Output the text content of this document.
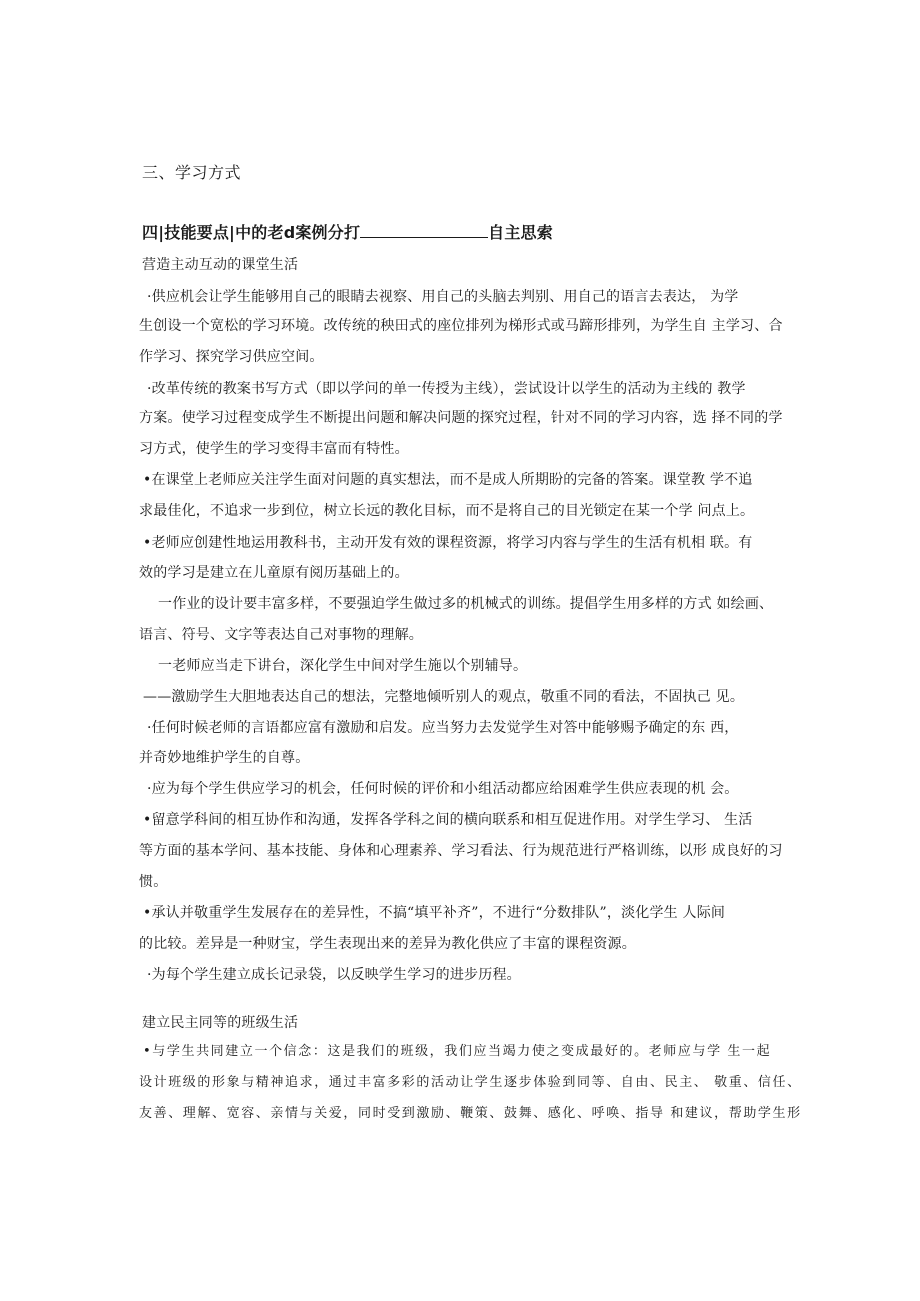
三、学习方式
四|技能要点|中的老d案例分打	自主思索
营造主动互动的课堂生活
·供应机会让学生能够用自己的眼睛去视察、用自己的头脑去判别、用自己的语言去表达， 为学
生创设一个宽松的学习环境。改传统的秧田式的座位排列为梯形式或马蹄形排列，为学生自 主学习、合
作学习、探究学习供应空间。
·改革传统的教案书写方式（即以学问的单一传授为主线），尝试设计以学生的活动为主线的 教学
方案。使学习过程变成学生不断提出问题和解决问题的探究过程，针对不同的学习内容，选 择不同的学
习方式，使学生的学习变得丰富而有特性。
•在课堂上老师应关注学生面对问题的真实想法，而不是成人所期盼的完备的答案。课堂教 学不追
求最佳化，不追求一步到位，树立长远的教化目标，而不是将自己的目光锁定在某一个学 问点上。
•老师应创建性地运用教科书，主动开发有效的课程资源，将学习内容与学生的生活有机相 联。有
效的学习是建立在儿童原有阅历基础上的。
一作业的设计要丰富多样，不要强迫学生做过多的机械式的训练。提倡学生用多样的方式 如绘画、
语言、符号、文字等表达自己对事物的理解。
一老师应当走下讲台，深化学生中间对学生施以个别辅导。
——激励学生大胆地表达自己的想法，完整地倾听别人的观点，敬重不同的看法，不固执己 见。
·任何时候老师的言语都应富有激励和启发。应当努力去发觉学生对答中能够赐予确定的东 西，
并奇妙地维护学生的自尊。
·应为每个学生供应学习的机会，任何时候的评价和小组活动都应给困难学生供应表现的机 会。
•留意学科间的相互协作和沟通，发挥各学科之间的横向联系和相互促进作用。对学生学习、 生活
等方面的基本学问、基本技能、身体和心理素养、学习看法、行为规范进行严格训练，以形 成良好的习
惯。
•承认并敬重学生发展存在的差异性，不搞“填平补齐”，不进行“分数排队”，淡化学生 人际间
的比较。差异是一种财宝，学生表现出来的差异为教化供应了丰富的课程资源。
·为每个学生建立成长记录袋，以反映学生学习的进步历程。
建立民主同等的班级生活
•与学生共同建立一个信念：这是我们的班级，我们应当竭力使之变成最好的。老师应与学 生一起
设计班级的形象与精神追求，通过丰富多彩的活动让学生逐步体验到同等、自由、民主、 敬重、信任、
友善、理解、宽容、亲情与关爱，同时受到激励、鞭策、鼓舞、感化、呼唤、指导 和建议，帮助学生形
